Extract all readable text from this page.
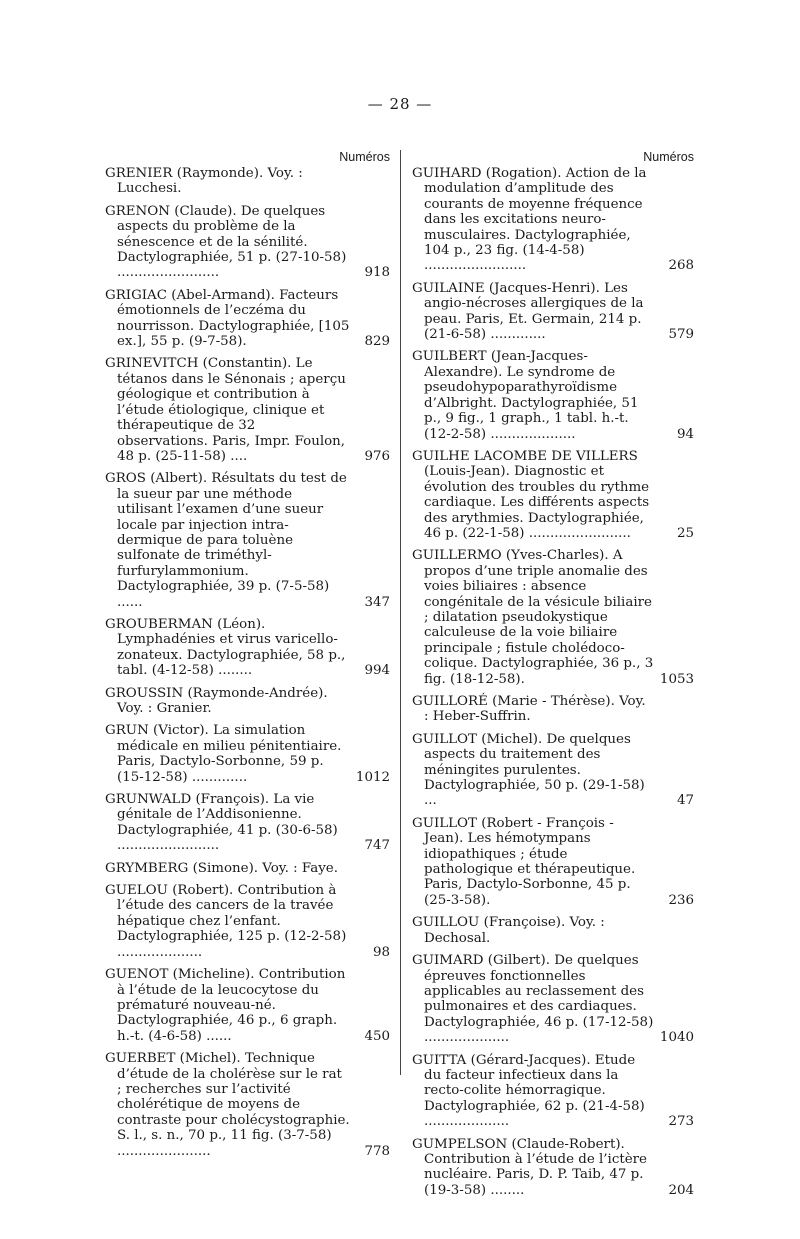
— 28 —
Numéros
GRENIER (Raymonde). Voy. : Lucchesi.
GRENON (Claude). De quelques aspects du problème de la sénescence et de la sénilité. Dactylographiée, 51 p. (27-10-58) ........................	918
GRIGIAC (Abel-Armand). Facteurs émotionnels de l’eczéma du nourrisson. Dactylographiée, [105 ex.], 55 p. (9-7-58).	829
GRINEVITCH (Constantin). Le tétanos dans le Sénonais ; aperçu géologique et contribution à l’étude étiologique, clinique et thérapeutique de 32 observations. Paris, Impr. Foulon, 48 p. (25-11-58) ....	976
GROS (Albert). Résultats du test de la sueur par une méthode utilisant l’examen d’une sueur locale par injection intra-dermique de para toluène sulfonate de triméthyl-furfurylammonium. Dactylographiée, 39 p. (7-5-58) ......	347
GROUBERMAN (Léon). Lymphadénies et virus varicello-zonateux. Dactylographiée, 58 p., tabl. (4-12-58) ........	994
GROUSSIN (Raymonde-Andrée). Voy. : Granier.
GRUN (Victor). La simulation médicale en milieu pénitentiaire. Paris, Dactylo-Sorbonne, 59 p. (15-12-58) .............	1012
GRUNWALD (François). La vie génitale de l’Addisonienne. Dactylographiée, 41 p. (30-6-58) ........................	747
GRYMBERG (Simone). Voy. : Faye.
GUELOU (Robert). Contribution à l’étude des cancers de la travée hépatique chez l’enfant. Dactylographiée, 125 p. (12-2-58) ....................	98
GUENOT (Micheline). Contribution à l’étude de la leucocytose du prématuré nouveau-né. Dactylographiée, 46 p., 6 graph. h.-t. (4-6-58) ......	450
GUERBET (Michel). Technique d’étude de la cholérèse sur le rat ; recherches sur l’activité cholérétique de moyens de contraste pour cholécystographie. S. l., s. n., 70 p., 11 fig. (3-7-58) ......................	778
Numéros
GUIHARD (Rogation). Action de la modulation d’amplitude des courants de moyenne fréquence dans les excitations neuro-musculaires. Dactylographiée, 104 p., 23 fig. (14-4-58) ........................	268
GUILAINE (Jacques-Henri). Les angio-nécroses allergiques de la peau. Paris, Et. Germain, 214 p. (21-6-58) .............	579
GUILBERT (Jean-Jacques-Alexandre). Le syndrome de pseudohypoparathyroïdisme d’Albright. Dactylographiée, 51 p., 9 fig., 1 graph., 1 tabl. h.-t. (12-2-58) ....................	94
GUILHE LACOMBE DE VILLERS (Louis-Jean). Diagnostic et évolution des troubles du rythme cardiaque. Les différents aspects des arythmies. Dactylographiée, 46 p. (22-1-58) ........................	25
GUILLERMO (Yves-Charles). A propos d’une triple anomalie des voies biliaires : absence congénitale de la vésicule biliaire ; dilatation pseudokystique calculeuse de la voie biliaire principale ; fistule cholédoco-colique. Dactylographiée, 36 p., 3 fig. (18-12-58).	1053
GUILLORÉ (Marie - Thérèse). Voy. : Heber-Suffrin.
GUILLOT (Michel). De quelques aspects du traitement des méningites purulentes. Dactylographiée, 50 p. (29-1-58) ...	47
GUILLOT (Robert - François - Jean). Les hémotympans idiopathiques ; étude pathologique et thérapeutique. Paris, Dactylo-Sorbonne, 45 p. (25-3-58).	236
GUILLOU (Françoise). Voy. : Dechosal.
GUIMARD (Gilbert). De quelques épreuves fonctionnelles applicables au reclassement des pulmonaires et des cardiaques. Dactylographiée, 46 p. (17-12-58) ....................	1040
GUITTA (Gérard-Jacques). Etude du facteur infectieux dans la recto-colite hémorragique. Dactylographiée, 62 p. (21-4-58) ....................	273
GUMPELSON (Claude-Robert). Contribution à l’étude de l’ictère nucléaire. Paris, D. P. Taib, 47 p. (19-3-58) ........	204
